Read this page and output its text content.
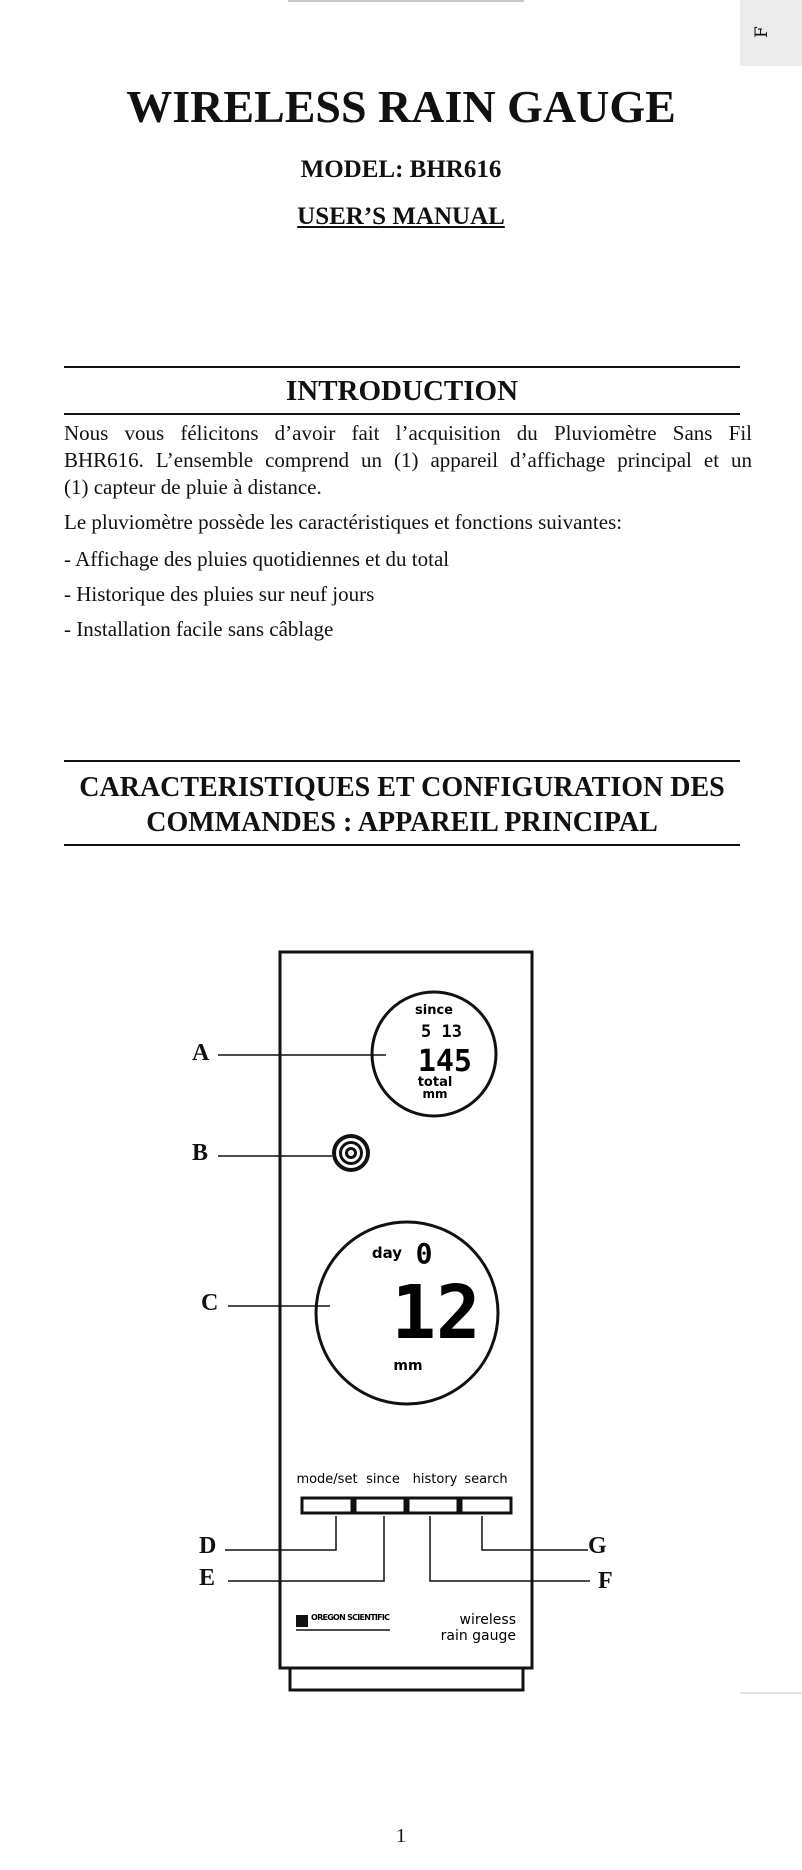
F
WIRELESS RAIN GAUGE
MODEL: BHR616
USER’S MANUAL
INTRODUCTION
Nous vous félicitons d’avoir fait l’acquisition du Pluviomètre Sans Fil
BHR616. L’ensemble comprend un (1) appareil d’affichage principal et un
(1) capteur de pluie à distance.
Le pluviomètre possède les caractéristiques et fonctions suivantes:
- Affichage des pluies quotidiennes et du total
- Historique des pluies sur neuf jours
- Installation facile sans câblage
CARACTERISTIQUES ET CONFIGURATION DES
COMMANDES : APPAREIL PRINCIPAL
since
5 13
145
total
mm
day 0
12
mm
mode/set since history search
OREGON SCIENTIFIC	wireless
rain gauge
A
B
C
D
E	F
G
1
